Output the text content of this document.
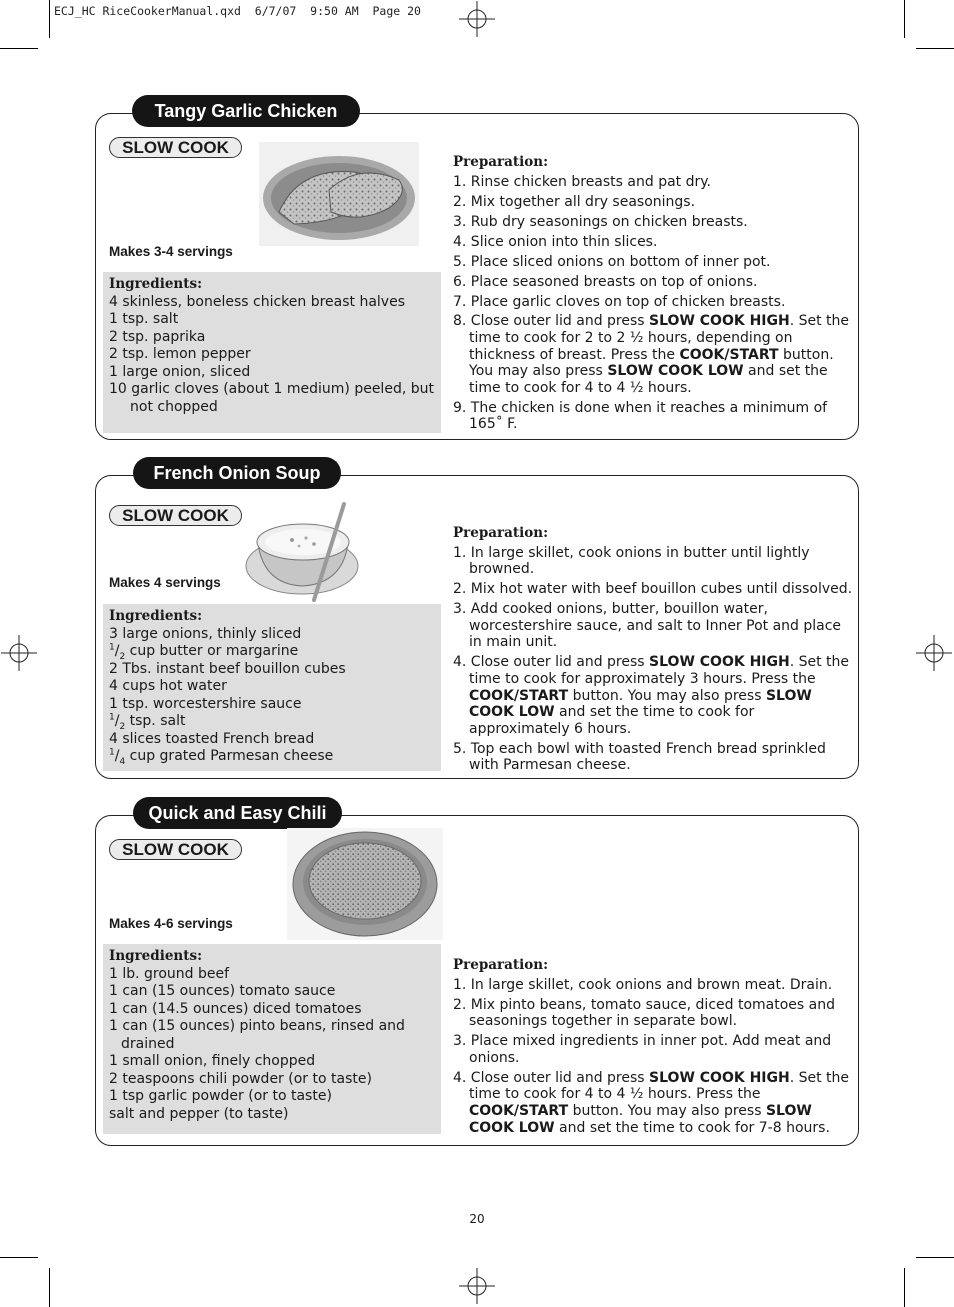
ECJ_HC RiceCookerManual.qxd  6/7/07  9:50 AM  Page 20
Tangy Garlic Chicken
SLOW COOK
Makes 3-4 servings
Ingredients:
4 skinless, boneless chicken breast halves
1 tsp. salt
2 tsp. paprika
2 tsp. lemon pepper
1 large onion, sliced
10 garlic cloves (about 1 medium) peeled, but not chopped
Preparation:
1. Rinse chicken breasts and pat dry.
2. Mix together all dry seasonings.
3. Rub dry seasonings on chicken breasts.
4. Slice onion into thin slices.
5. Place sliced onions on bottom of inner pot.
6. Place seasoned breasts on top of onions.
7. Place garlic cloves on top of chicken breasts.
8. Close outer lid and press SLOW COOK HIGH. Set the time to cook for 2 to 2 ½ hours, depending on thickness of breast. Press the COOK/START button. You may also press SLOW COOK LOW and set the time to cook for 4 to 4 ½ hours.
9. The chicken is done when it reaches a minimum of 165˚ F.
French Onion Soup
SLOW COOK
Makes 4 servings
Ingredients:
3 large onions, thinly sliced
$^1/_2$ cup butter or margarine
2 Tbs. instant beef bouillon cubes
4 cups hot water
1 tsp. worcestershire sauce
$^1/_2$ tsp. salt
4 slices toasted French bread
$^1/_4$ cup grated Parmesan cheese
Preparation:
1. In large skillet, cook onions in butter until lightly browned.
2. Mix hot water with beef bouillon cubes until dissolved.
3. Add cooked onions, butter, bouillon water, worcestershire sauce, and salt to Inner Pot and place in main unit.
4. Close outer lid and press SLOW COOK HIGH. Set the time to cook for approximately 3 hours. Press the COOK/START button. You may also press SLOW COOK LOW and set the time to cook for approximately 6 hours.
5. Top each bowl with toasted French bread sprinkled with Parmesan cheese.
Quick and Easy Chili
SLOW COOK
Makes 4-6 servings
Ingredients:
1 lb. ground beef
1 can (15 ounces) tomato sauce
1 can (14.5 ounces) diced tomatoes
1 can (15 ounces) pinto beans, rinsed and drained
1 small onion, finely chopped
2 teaspoons chili powder (or to taste)
1 tsp garlic powder (or to taste)
salt and pepper (to taste)
Preparation:
1. In large skillet, cook onions and brown meat. Drain.
2. Mix pinto beans, tomato sauce, diced tomatoes and seasonings together in separate bowl.
3. Place mixed ingredients in inner pot. Add meat and onions.
4. Close outer lid and press SLOW COOK HIGH. Set the time to cook for 4 to 4 ½ hours. Press the COOK/START button. You may also press SLOW COOK LOW and set the time to cook for 7-8 hours.
20
